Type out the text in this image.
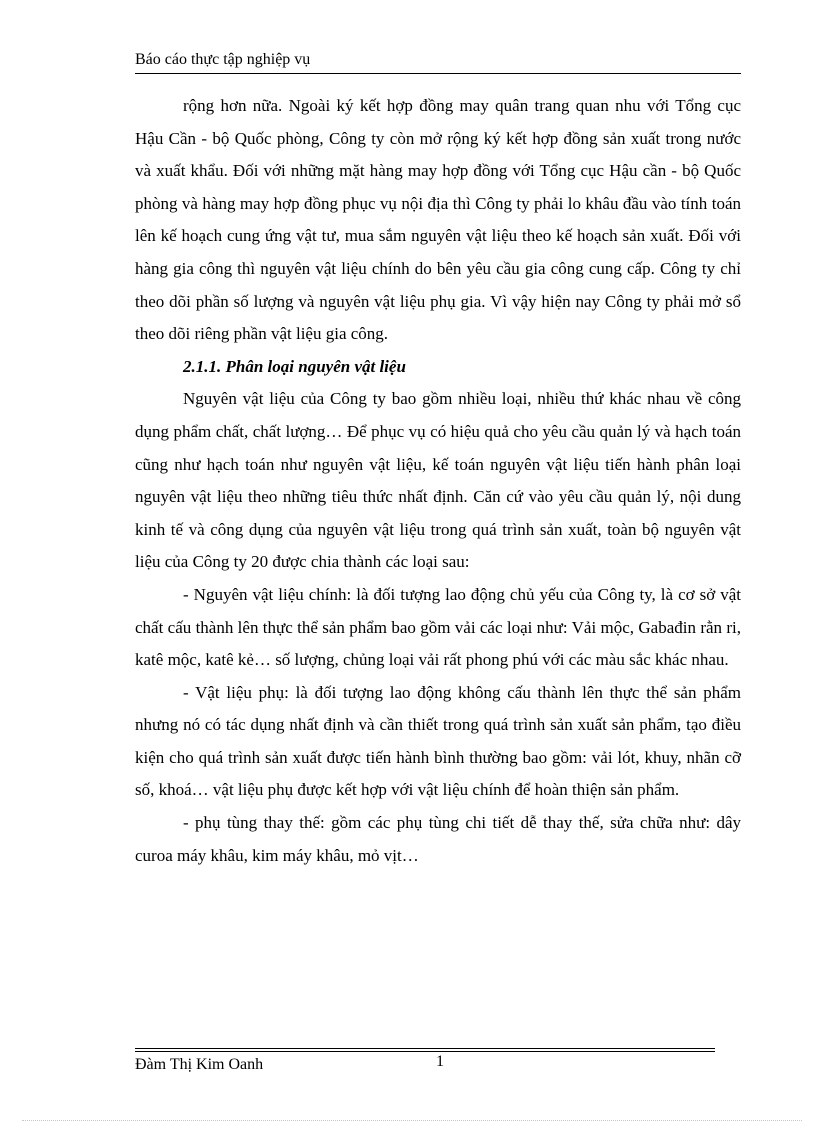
Báo cáo thực tập nghiệp vụ

rộng hơn nữa. Ngoài ký kết hợp đồng may quân trang quan nhu với Tổng cục Hậu Cần - bộ Quốc phòng, Công ty còn mở rộng ký kết hợp đồng sản xuất trong nước và xuất khẩu. Đối với những mặt hàng may hợp đồng với Tổng cục Hậu cần - bộ Quốc phòng và hàng may hợp đồng phục vụ nội địa thì Công ty phải lo khâu đầu vào tính toán lên kế hoạch cung ứng vật tư, mua sắm nguyên vật liệu theo kế hoạch sản xuất. Đối với hàng gia công thì nguyên vật liệu chính do bên yêu cầu gia công cung cấp. Công ty chỉ theo dõi phần số lượng và nguyên vật liệu phụ gia. Vì vậy hiện nay Công ty phải mở sổ theo dõi riêng phần vật liệu gia công.

2.1.1. Phân loại nguyên vật liệu

Nguyên vật liệu của Công ty bao gồm nhiều loại, nhiều thứ khác nhau về công dụng phẩm chất, chất lượng… Để phục vụ có hiệu quả cho yêu cầu quản lý và hạch toán cũng như hạch toán như nguyên vật liệu, kế toán nguyên vật liệu tiến hành phân loại nguyên vật liệu theo những tiêu thức nhất định. Căn cứ vào yêu cầu quản lý, nội dung kinh tế và công dụng của nguyên vật liệu trong quá trình sản xuất, toàn bộ nguyên vật liệu của Công ty 20 được chia thành các loại sau:

- Nguyên vật liệu chính: là đối tượng lao động chủ yếu của Công ty, là cơ sở vật chất cấu thành lên thực thể sản phẩm bao gồm vải các loại như: Vải mộc, Gabađin rằn ri, katê mộc, katê kẻ… số lượng, chủng loại vải rất phong phú với các màu sắc khác nhau.

- Vật liệu phụ: là đối tượng lao động không cấu thành lên thực thể sản phẩm nhưng nó có tác dụng nhất định và cần thiết trong quá trình sản xuất sản phẩm, tạo điều kiện cho quá trình sản xuất được tiến hành bình thường bao gồm: vải lót, khuy, nhãn cỡ số, khoá… vật liệu phụ được kết hợp với vật liệu chính để hoàn thiện sản phẩm.

- phụ tùng thay thế: gồm các phụ tùng chi tiết dễ thay thế, sửa chữa như: dây curoa máy khâu, kim máy khâu, mỏ vịt…

Đàm Thị Kim Oanh	1
